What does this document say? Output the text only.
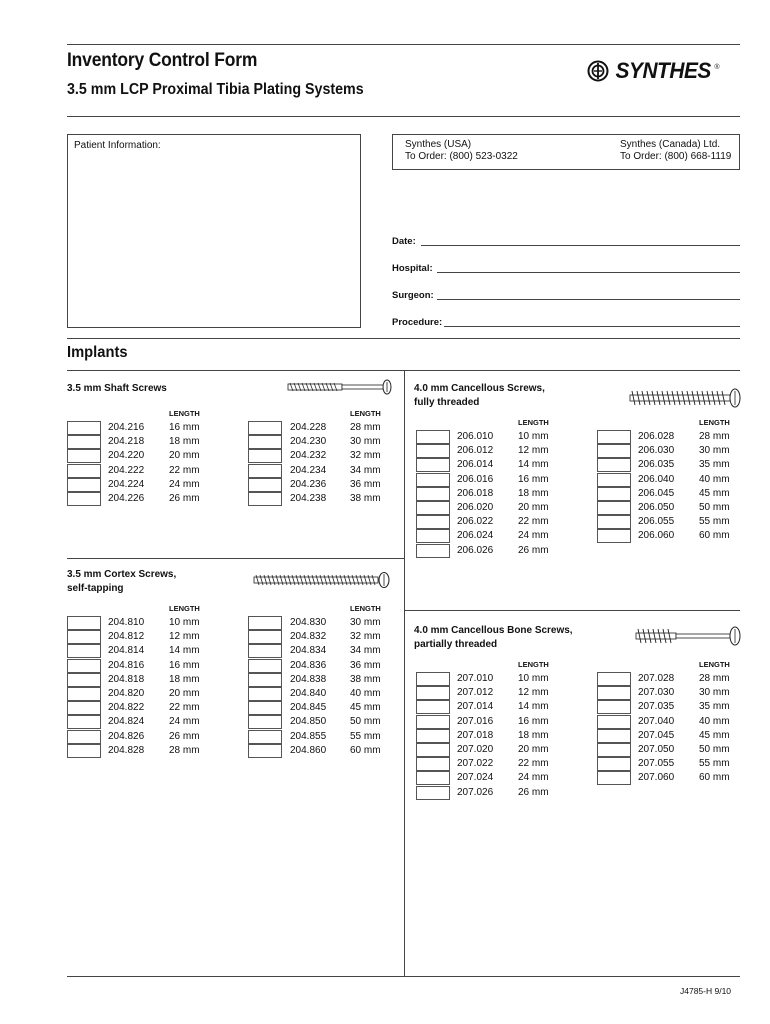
Inventory Control Form
3.5 mm LCP Proximal Tibia Plating Systems
SYNTHES ®
Patient Information:	Synthes (USA)
To Order: (800) 523-0322
Synthes (Canada) Ltd.
To Order: (800) 668-1119
Date:
Hospital:
Surgeon:
Procedure:
Implants
3.5 mm Shaft Screws
3.5 mm Cortex Screws,
self-tapping
4.0 mm Cancellous Screws,
fully threaded
4.0 mm Cancellous Bone Screws,
partially threaded
LENGTH	LENGTH
LENGTH	LENGTH
LENGTH	LENGTH
LENGTH	LENGTH
204.216 16 mm
204.218 18 mm
204.220 20 mm
204.222 22 mm
204.224 24 mm
204.226 26 mm
204.228 28 mm
204.230 30 mm
204.232 32 mm
204.234 34 mm
204.236 36 mm
204.238 38 mm
204.810 10 mm
204.812 12 mm
204.814 14 mm
204.816 16 mm
204.818 18 mm
204.820 20 mm
204.822 22 mm
204.824 24 mm
204.826 26 mm
204.828 28 mm
204.830 30 mm
204.832 32 mm
204.834 34 mm
204.836 36 mm
204.838 38 mm
204.840 40 mm
204.845 45 mm
204.850 50 mm
204.855 55 mm
204.860 60 mm
206.010 10 mm
206.012 12 mm
206.014 14 mm
206.016 16 mm
206.018 18 mm
206.020 20 mm
206.022 22 mm
206.024 24 mm
206.026 26 mm
206.028 28 mm
206.030 30 mm
206.035 35 mm
206.040 40 mm
206.045 45 mm
206.050 50 mm
206.055 55 mm
206.060 60 mm
207.010 10 mm
207.012 12 mm
207.014 14 mm
207.016 16 mm
207.018 18 mm
207.020 20 mm
207.022 22 mm
207.024 24 mm
207.026 26 mm
207.028 28 mm
207.030 30 mm
207.035 35 mm
207.040 40 mm
207.045 45 mm
207.050 50 mm
207.055 55 mm
207.060 60 mm
J4785-H 9/10
